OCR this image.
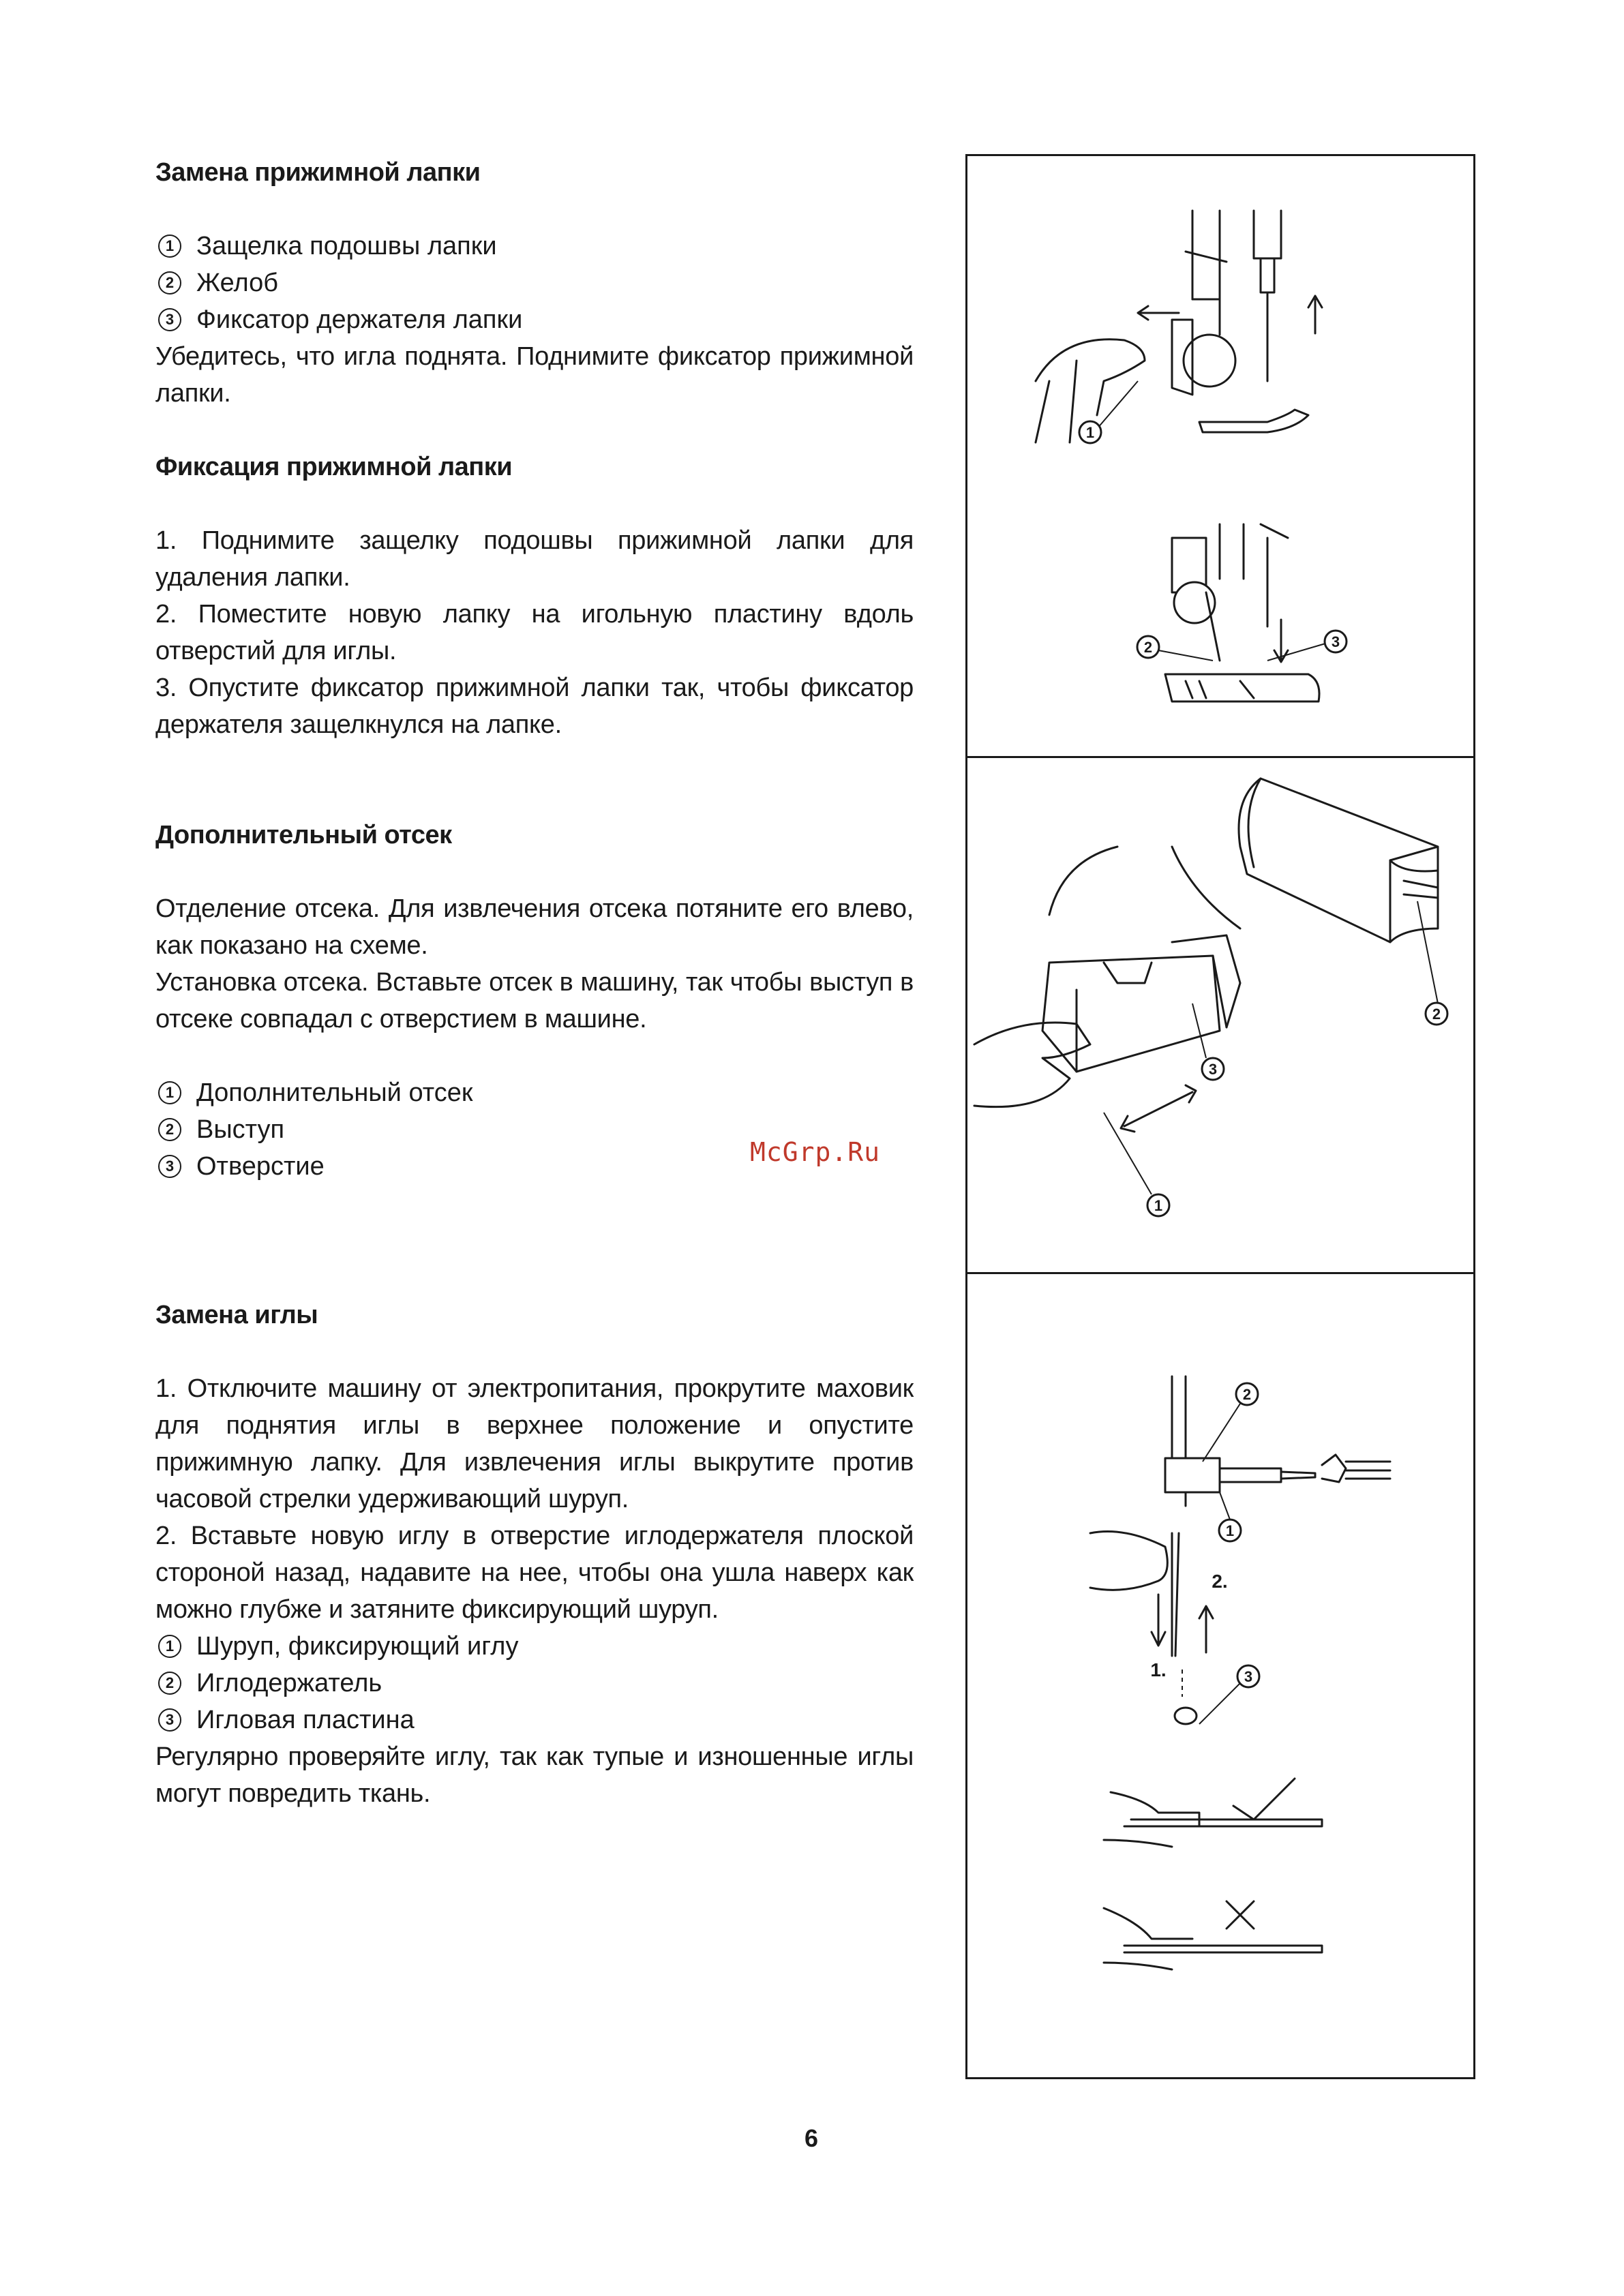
Замена прижимной лапки

1 Защелка подошвы лапки

2 Желоб

3 Фиксатор держателя лапки

Убедитесь, что игла поднята. Поднимите фиксатор прижимной лапки.

Фиксация прижимной лапки

1. Поднимите защелку подошвы прижимной лапки для удаления лапки.

2. Поместите новую лапку на игольную пластину вдоль отверстий для иглы.

3. Опустите фиксатор прижимной лапки так, чтобы фиксатор держателя защелкнулся на лапке.

Дополнительный отсек

Отделение отсека. Для извлечения отсека потяните его влево, как показано на схеме.

Установка отсека. Вставьте отсек в машину, так чтобы выступ в отсеке совпадал с отверстием в машине.

1 Дополнительный отсек

2 Выступ

3 Отверстие

Замена иглы

1. Отключите машину от электропитания, прокрутите маховик для поднятия иглы в верхнее положение и опустите прижимную лапку. Для извлечения иглы выкрутите против часовой стрелки удерживающий шуруп.

2. Вставьте новую иглу в отверстие иглодержателя плоской стороной назад, надавите на нее, чтобы она ушла наверх как можно глубже и затяните фиксирующий шуруп.

1 Шуруп, фиксирующий иглу

2 Иглодержатель

3 Игловая пластина

Регулярно проверяйте иглу, так как тупые и изношенные иглы могут повредить ткань.

1
2	3
2
3
1
2
1
1.
2.
3
McGrp.Ru
6
